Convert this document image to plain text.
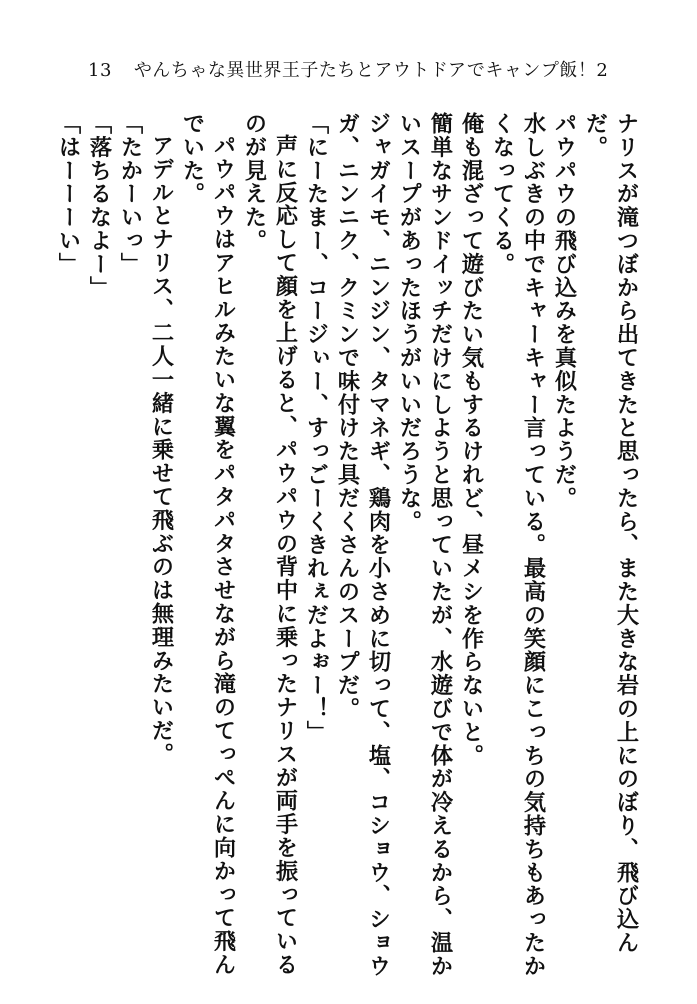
13 やんちゃな異世界王子たちとアウトドアでキャンプ飯！2

ナリスが滝つぼから出てきたと思ったら、また大きな岩の上にのぼり、飛び込んだ。

パウパウの飛び込みを真似たようだ。

水しぶきの中でキャーキャー言っている。最高の笑顔にこっちの気持ちもあったかくなってくる。

俺も混ざって遊びたい気もするけれど、昼メシを作らないと。

簡単なサンドイッチだけにしようと思っていたが、水遊びで体が冷えるから、温かいスープがあったほうがいいだろうな。

ジャガイモ、ニンジン、タマネギ、鶏肉を小さめに切って、塩、コショウ、ショウガ、ニンニク、クミンで味付けた具だくさんのスープだ。

「にーたまー、コージぃー、すっごーくきれぇだよぉー！」

声に反応して顔を上げると、パウパウの背中に乗ったナリスが両手を振っているのが見えた。

パウパウはアヒルみたいな翼をパタパタさせながら滝のてっぺんに向かって飛んでいた。

アデルとナリス、二人一緒に乗せて飛ぶのは無理みたいだ。

「たかーいっ」

「落ちるなよー」

「はーーーい」
